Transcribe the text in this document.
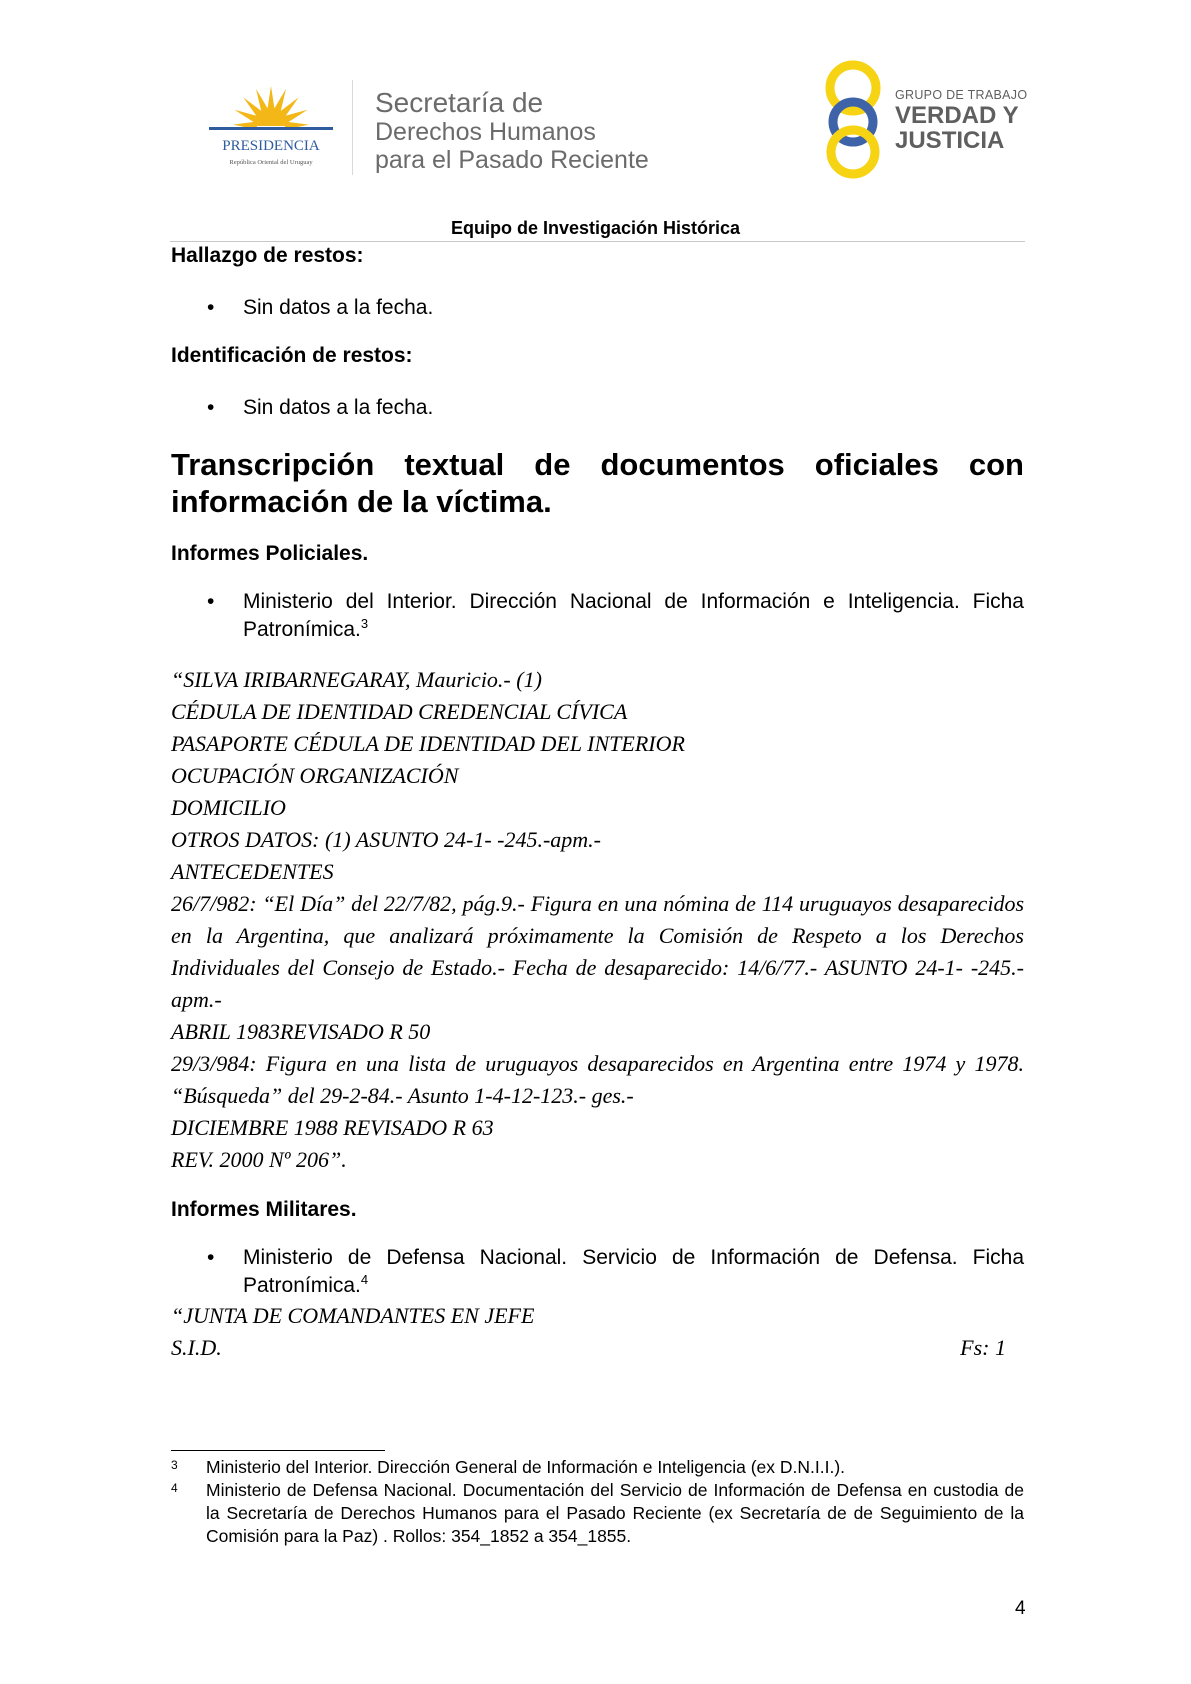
PRESIDENCIA
República Oriental del Uruguay
Secretaría de
Derechos Humanos
para el Pasado Reciente
GRUPO DE TRABAJO
VERDAD Y
JUSTICIA
Equipo de Investigación Histórica

Hallazgo de restos:

• Sin datos a la fecha.

Identificación de restos:

• Sin datos a la fecha.

Transcripción textual de documentos oficiales con información de la víctima.

Informes Policiales.

• Ministerio del Interior. Dirección Nacional de Información e Inteligencia. Ficha Patronímica.$^3$

“SILVA IRIBARNEGARAY, Mauricio.- (1)
CÉDULA DE IDENTIDAD CREDENCIAL CÍVICA
PASAPORTE CÉDULA DE IDENTIDAD DEL INTERIOR
OCUPACIÓN ORGANIZACIÓN
DOMICILIO
OTROS DATOS: (1) ASUNTO 24-1- -245.-apm.-
ANTECEDENTES
26/7/982: “El Día” del 22/7/82, pág.9.- Figura en una nómina de 114 uruguayos desaparecidos en la Argentina, que analizará próximamente la Comisión de Respeto a los Derechos Individuales del Consejo de Estado.- Fecha de desaparecido: 14/6/77.- ASUNTO 24-1- -245.- apm.-
ABRIL 1983REVISADO R 50
29/3/984: Figura en una lista de uruguayos desaparecidos en Argentina entre 1974 y 1978. “Búsqueda” del 29-2-84.- Asunto 1-4-12-123.- ges.-
DICIEMBRE 1988 REVISADO R 63
REV. 2000 Nº 206”.

Informes Militares.

• Ministerio de Defensa Nacional. Servicio de Información de Defensa. Ficha Patronímica.$^4$

“JUNTA DE COMANDANTES EN JEFE
S.I.D.	Fs: 1
3 Ministerio del Interior. Dirección General de Información e Inteligencia (ex D.N.I.I.).
4 Ministerio de Defensa Nacional. Documentación del Servicio de Información de Defensa en custodia de la Secretaría de Derechos Humanos para el Pasado Reciente (ex Secretaría de de Seguimiento de la Comisión para la Paz) . Rollos: 354_1852 a 354_1855.
4
